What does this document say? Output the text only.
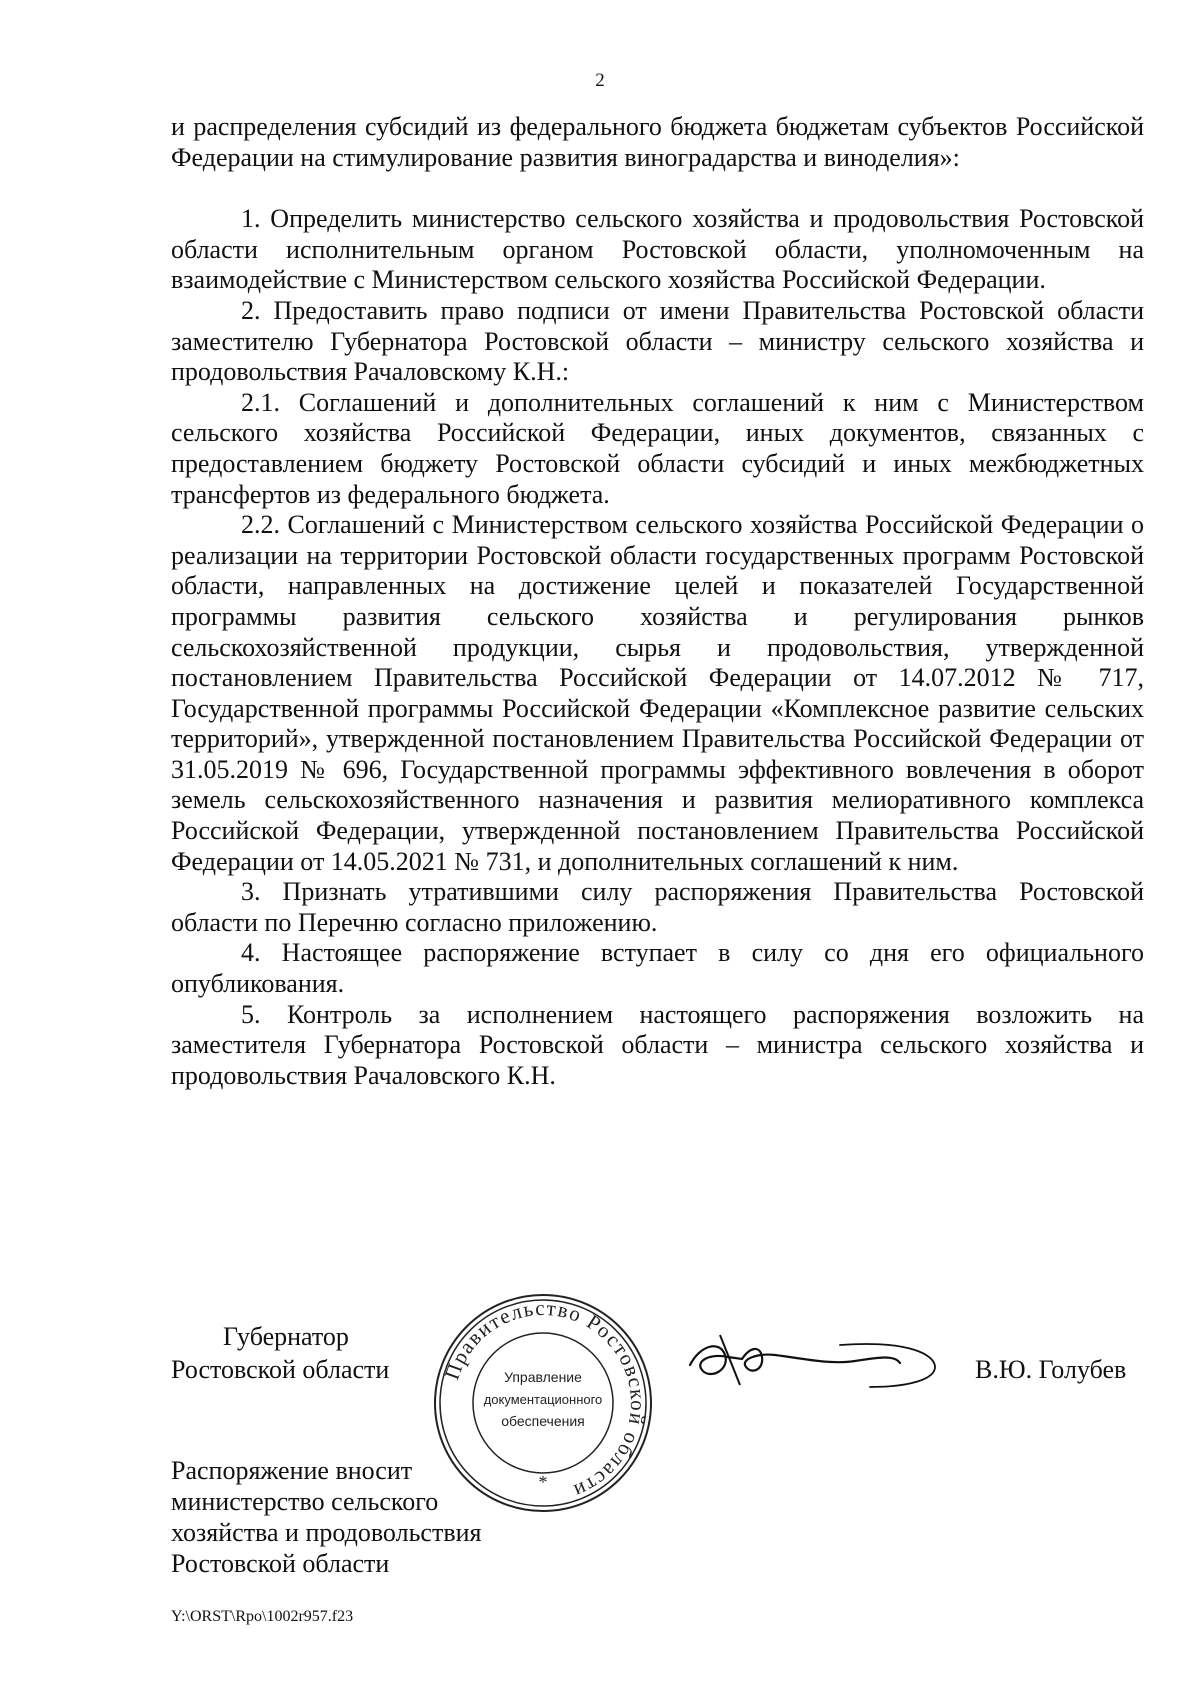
2

и распределения субсидий из федерального бюджета бюджетам субъектов Российской Федерации на стимулирование развития виноградарства и виноделия»:

1. Определить министерство сельского хозяйства и продовольствия Ростовской области исполнительным органом Ростовской области, уполномоченным на взаимодействие с Министерством сельского хозяйства Российской Федерации.

2. Предоставить право подписи от имени Правительства Ростовской области заместителю Губернатора Ростовской области – министру сельского хозяйства и продовольствия Рачаловскому К.Н.:

2.1. Соглашений и дополнительных соглашений к ним с Министерством сельского хозяйства Российской Федерации, иных документов, связанных с предоставлением бюджету Ростовской области субсидий и иных межбюджетных трансфертов из федерального бюджета.

2.2. Соглашений с Министерством сельского хозяйства Российской Федерации о реализации на территории Ростовской области государственных программ Ростовской области, направленных на достижение целей и показателей Государственной программы развития сельского хозяйства и регулирования рынков сельскохозяйственной продукции, сырья и продовольствия, утвержденной постановлением Правительства Российской Федерации от 14.07.2012 № 717, Государственной программы Российской Федерации «Комплексное развитие сельских территорий», утвержденной постановлением Правительства Российской Федерации от 31.05.2019 № 696, Государственной программы эффективного вовлечения в оборот земель сельскохозяйственного назначения и развития мелиоративного комплекса Российской Федерации, утвержденной постановлением Правительства Российской Федерации от 14.05.2021 № 731, и дополнительных соглашений к ним.

3. Признать утратившими силу распоряжения Правительства Ростовской области по Перечню согласно приложению.

4. Настоящее распоряжение вступает в силу со дня его официального опубликования.

5. Контроль за исполнением настоящего распоряжения возложить на заместителя Губернатора Ростовской области – министра сельского хозяйства и продовольствия Рачаловского К.Н.

Губернатор
Ростовской области Правительство Ростовской области
Управление
документационного
обеспечения
*
В.Ю. Голубев
Распоряжение вносит
министерство сельского
хозяйства и продовольствия
Ростовской области
Y:\ORST\Rpo\1002r957.f23
